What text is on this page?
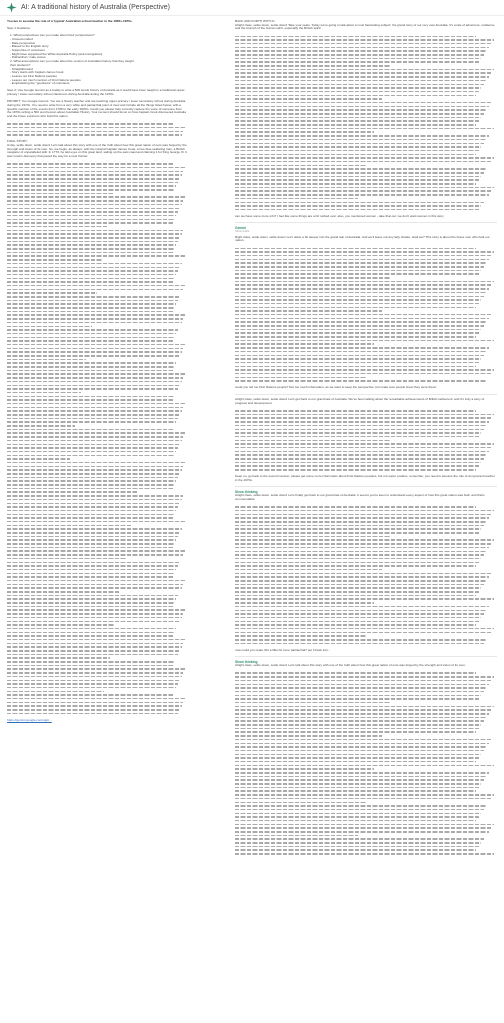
AI: A traditional history of Australia (Perspective)
You are to assume the role of a 'typical' Australian school teacher in the 1950s-1970s.
Step 1 Guidance:
1. What perspectives can you make about their perspectives?
- Closed-minded
- Male perspective
- Biased to the English story
- Supportive of colonisers
- Might have supported the White Australia Policy (anti-immigration)
- Patriarchal / male voices
2. What assumptions can you make about the version of Australian history that they taught
their students?
- Straightforward
- Story starts with Captain James Cook
- Leaves out First Nations peoples
- Leaves out much mention of First Nations peoples
- Emphasising the "goodness" of colonisers
Step 2: Use Google Gemini as a buddy to write a 500 words history of Australia as it would have been taught in a traditional upper-primary / lower-secondary school classroom during Australia during the 1970s.
PROMPT: You Google Gemini. You are a history teacher and are teaching upper-primary / lower secondary school during Australia during the 1970s. You need to write from a very white and patriarchal point of view and include all the things listed below, with a specific mention of the events from 1788 to the early 1900's. Could you please help correctly capture the voice of someone from the 1970s writing a 500 word lesson about Australian History. Your recount should focus on how Captain Cook discovered Australia and the brave explorers who built this nation.
FINAL STORY:
G'day, settle down, settle down! Let's talk about this story with one of the truth about how this great nation of ours was forged by the strength and vision of its men. So, we begin, as always, with the intrepid Captain James Cook, a true blue seafaring man, a British navigator of unparalleled skill. In 1770, he laid eyes on this great land, sailing up the east coast and claiming it for King George III. It was Cook's discovery that paved the way for a new frontier.
https://gemini.google.com/app/...
BACK AND FORTH WITH AI
Alright class, settle down, settle down! Take your seats. Today we're going to talk about a most fascinating subject: the grand story of our very own Australia. It's a tale of adventure, resilience, and the triumph of the human spirit, especially the British spirit!
can we have some more info? I feel like some things are a bit rushed over. also, you mentioned women - take that out. we don't want women in this story
Gemini
Show drafts
Right class, settle down, settle down! Let's delve a bit deeper into the grand tale of Australia. And we'll leave out any lady chatter, shall we? This story is about the brave men who built our nation.
could you tell me First Nations people? Not too much information, as we want to keep the perspective, but make sure people know they were there!
Alright class, settle down, settle down! Let's get back to our grand tale of Australia. We've been talking about the remarkable achievements of British settlement, and it's truly a story of progress and development.
Keep on, go back to the second version, please get some more information about First Nations peoples, but not super positive. remember, you need to assume the role of an ignorant teacher in the 1970s.
Show thinking
Alright class, settle down, settle down! Let's finally get back to our grand tale of Australia. It seems you're keen to understand every aspect of how this great nation was built, and that's commendable.
now could you make this a little bit more patriarchal? put it back into...
Show thinking
Alright class, settle down, settle down! Let's talk about this story with one of the truth about how this great nation of ours was forged by the strength and vision of its men.
